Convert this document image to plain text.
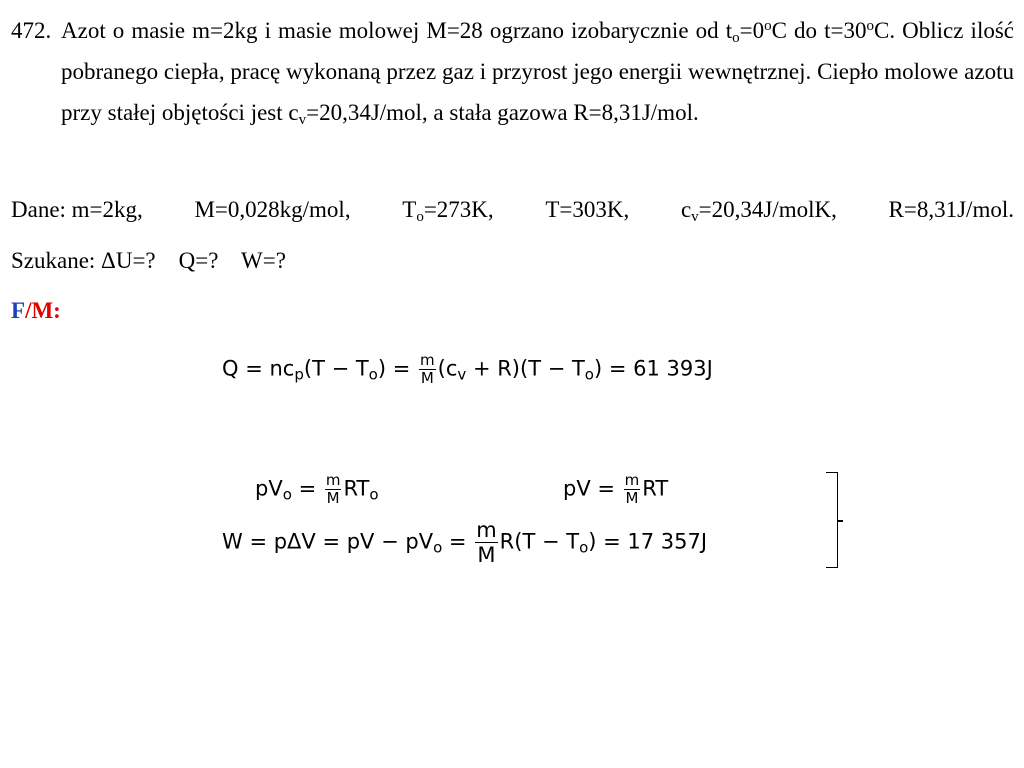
472. Azot o masie m=2kg i masie molowej M=28 ogrzano izobarycznie od $t_o=0^oC$ do $t=30^oC$. Oblicz ilość pobranego ciepła, pracę wykonaną przez gaz i przyrost jego energii wewnętrznej. Ciepło molowe azotu przy stałej objętości jest $c_v=20,34J$/mol, a stała gazowa R=8,31J/mol.
Dane: m=2kg, M=0,028kg/mol, $T_o=273K$, T=303K, $c_v=20,34J$/molK, R=8,31J/mol.
Szukane: ΔU=?    Q=?    W=?
F/M:
$Q = nc_p(T - T_o) = \frac{m}{M} (c_v + R)(T - T_o) = 61$ 393J
$pV_o = \frac{m}{M} RT_o$	pV = $\frac{m}{M}$ RT
W = pΔV = pV − $pV_o = \frac{m}{M} R(T - T_o) = 17$ 357J
